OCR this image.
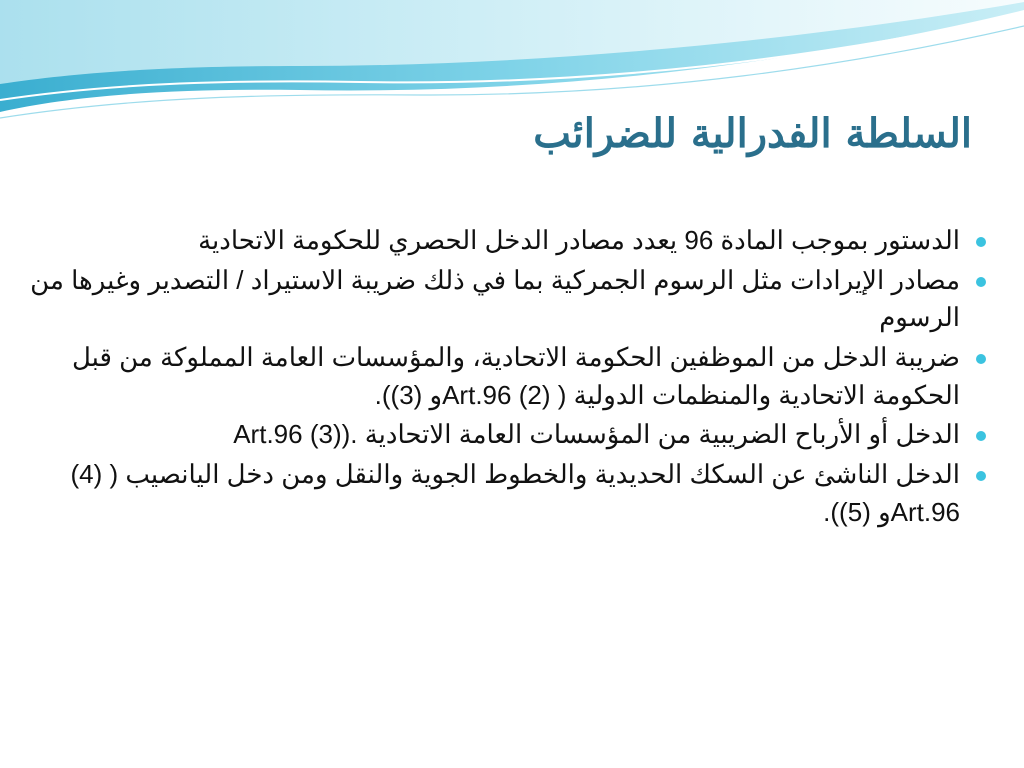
السلطة الفدرالية للضرائب
الدستور بموجب المادة 96 يعدد مصادر الدخل الحصري للحكومة الاتحادية
مصادر الإيرادات مثل الرسوم الجمركية بما في ذلك ضريبة الاستيراد / التصدير وغيرها من الرسوم
ضريبة الدخل من الموظفين الحكومة الاتحادية، والمؤسسات العامة المملوكة من قبل الحكومة الاتحادية والمنظمات الدولية ( (2) Art.96و (3)).
الدخل أو الأرباح الضريبية من المؤسسات العامة الاتحادية .((3) Art.96
الدخل الناشئ عن السكك الحديدية والخطوط الجوية والنقل ومن دخل اليانصيب ( (4) Art.96و (5)).
